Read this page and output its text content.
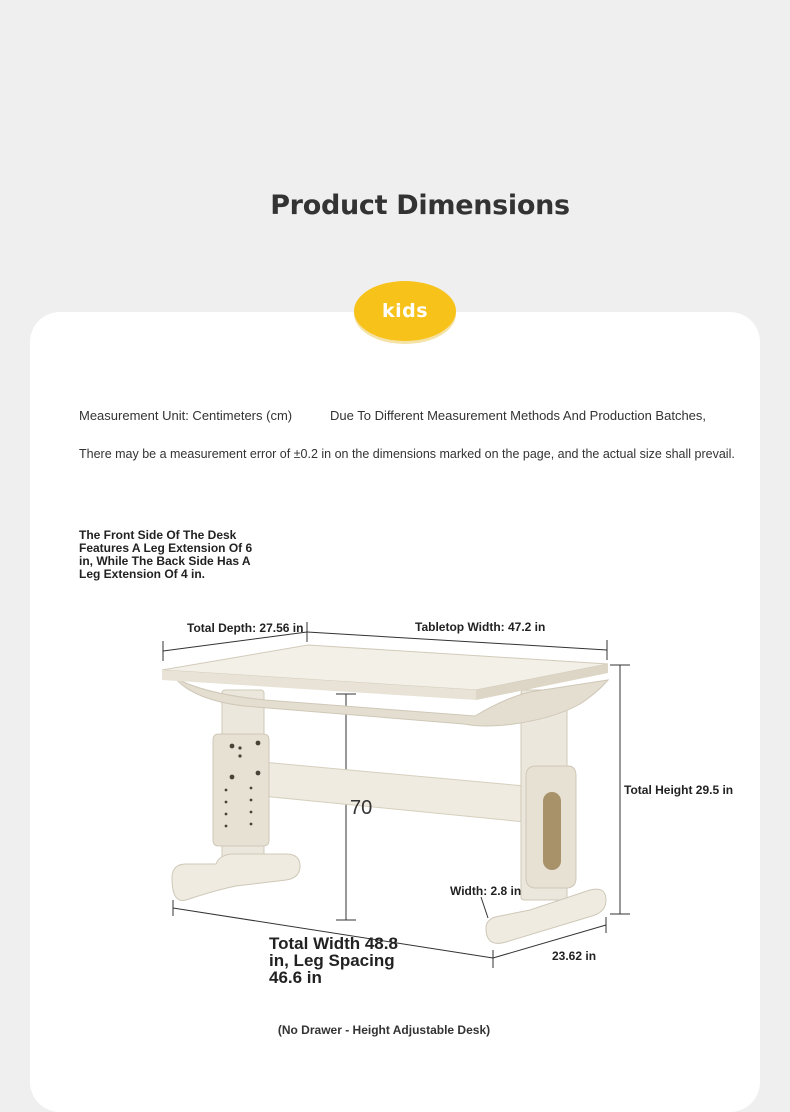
Product Dimensions
kids
Measurement Unit: Centimeters (cm)	Due To Different Measurement Methods And Production Batches,
There may be a measurement error of ±0.2 in on the dimensions marked on the page, and the actual size shall prevail.
The Front Side Of The Desk Features A Leg Extension Of 6 in, While The Back Side Has A Leg Extension Of 4 in.
Total Depth: 27.56 in	Tabletop Width: 47.2 in
Total Height 29.5 in
70
Width: 2.8 in
23.62 in
Total Width 48.8 in, Leg Spacing 46.6 in
(No Drawer - Height Adjustable Desk)
